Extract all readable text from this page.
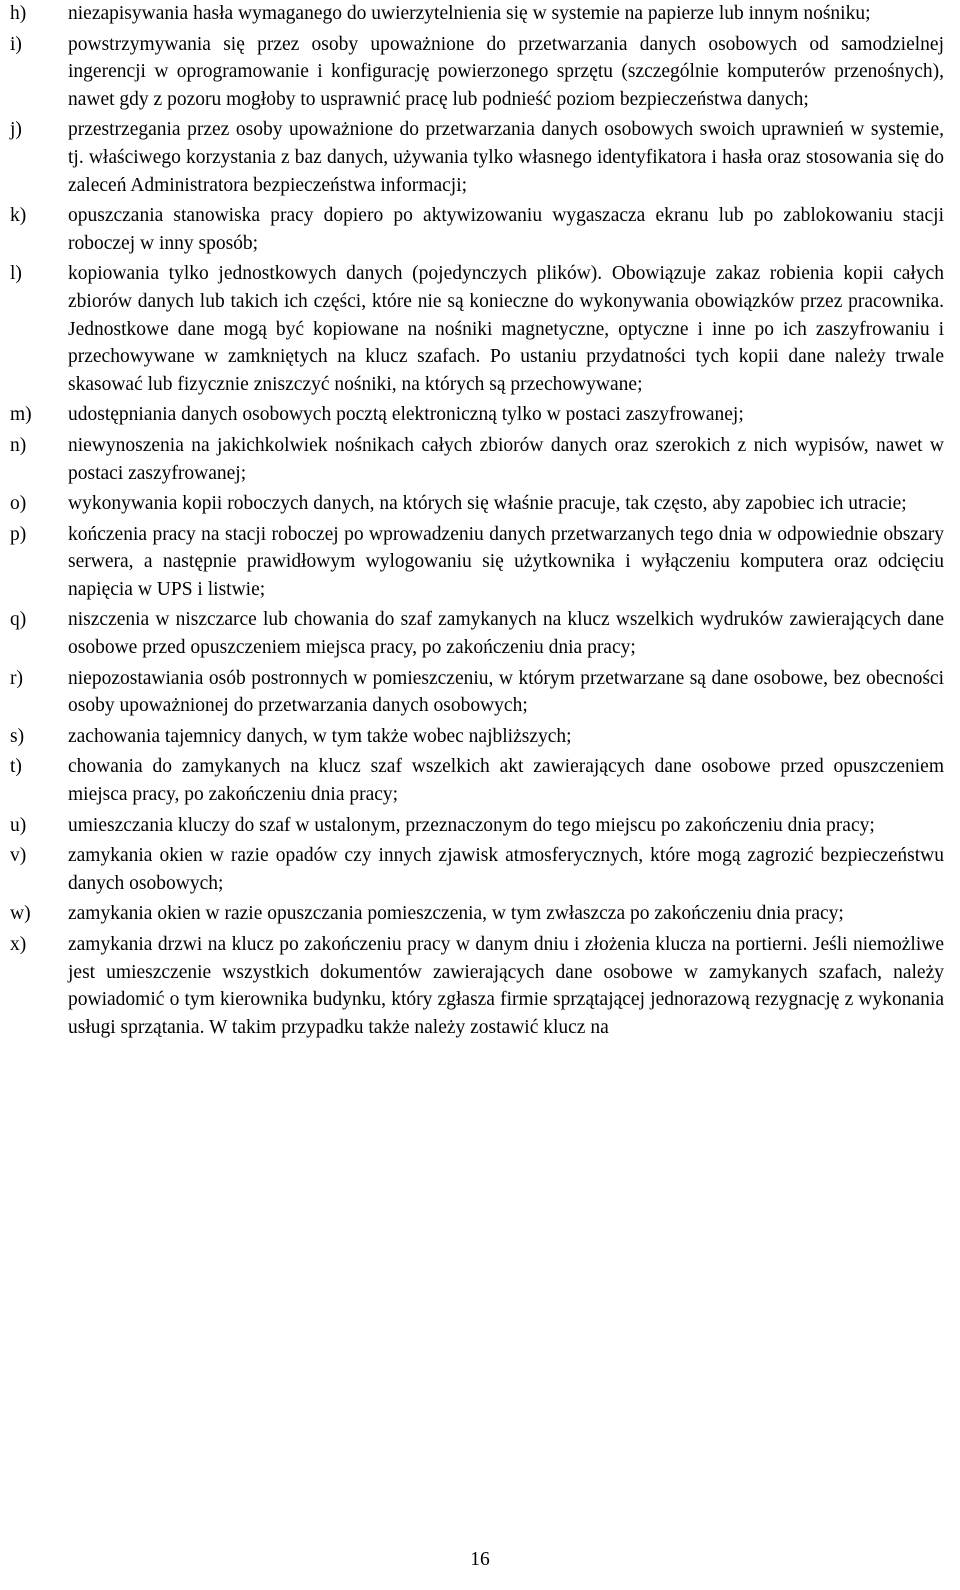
h)	niezapisywania hasła wymaganego do uwierzytelnienia się w systemie na papierze lub innym nośniku;
i)	powstrzymywania się przez osoby upoważnione do przetwarzania danych osobowych od samodzielnej ingerencji w oprogramowanie i konfigurację powierzonego sprzętu (szczególnie komputerów przenośnych), nawet gdy z pozoru mogłoby to usprawnić pracę lub podnieść poziom bezpieczeństwa danych;
j)	przestrzegania przez osoby upoważnione do przetwarzania danych osobowych swoich uprawnień w systemie, tj. właściwego korzystania z baz danych, używania tylko własnego identyfikatora i hasła oraz stosowania się do zaleceń Administratora bezpieczeństwa informacji;
k)	opuszczania stanowiska pracy dopiero po aktywizowaniu wygaszacza ekranu lub po zablokowaniu stacji roboczej w inny sposób;
l)	kopiowania tylko jednostkowych danych (pojedynczych plików). Obowiązuje zakaz robienia kopii całych zbiorów danych lub takich ich części, które nie są konieczne do wykonywania obowiązków przez pracownika. Jednostkowe dane mogą być kopiowane na nośniki magnetyczne, optyczne i inne po ich zaszyfrowaniu i przechowywane w zamkniętych na klucz szafach. Po ustaniu przydatności tych kopii dane należy trwale skasować lub fizycznie zniszczyć nośniki, na których są przechowywane;
m)	udostępniania danych osobowych pocztą elektroniczną tylko w postaci zaszyfrowanej;
n)	niewynoszenia na jakichkolwiek nośnikach całych zbiorów danych oraz szerokich z nich wypisów, nawet w postaci zaszyfrowanej;
o)	wykonywania kopii roboczych danych, na których się właśnie pracuje, tak często, aby zapobiec ich utracie;
p)	kończenia pracy na stacji roboczej po wprowadzeniu danych przetwarzanych tego dnia w odpowiednie obszary serwera, a następnie prawidłowym wylogowaniu się użytkownika i wyłączeniu komputera oraz odcięciu napięcia w UPS i listwie;
q)	niszczenia w niszczarce lub chowania do szaf zamykanych na klucz wszelkich wydruków zawierających dane osobowe przed opuszczeniem miejsca pracy, po zakończeniu dnia pracy;
r)	niepozostawiania osób postronnych w pomieszczeniu, w którym przetwarzane są dane osobowe, bez obecności osoby upoważnionej do przetwarzania danych osobowych;
s)	zachowania tajemnicy danych, w tym także wobec najbliższych;
t)	chowania do zamykanych na klucz szaf wszelkich akt zawierających dane osobowe przed opuszczeniem miejsca pracy, po zakończeniu dnia pracy;
u)	umieszczania kluczy do szaf w ustalonym, przeznaczonym do tego miejscu po zakończeniu dnia pracy;
v)	zamykania okien w razie opadów czy innych zjawisk atmosferycznych, które mogą zagrozić bezpieczeństwu danych osobowych;
w)	zamykania okien w razie opuszczania pomieszczenia, w tym zwłaszcza po zakończeniu dnia pracy;
x)	zamykania drzwi na klucz po zakończeniu pracy w danym dniu i złożenia klucza na portierni. Jeśli niemożliwe jest umieszczenie wszystkich dokumentów zawierających dane osobowe w zamykanych szafach, należy powiadomić o tym kierownika budynku, który zgłasza firmie sprzątającej jednorazową rezygnację z wykonania usługi sprzątania. W takim przypadku także należy zostawić klucz na
16
